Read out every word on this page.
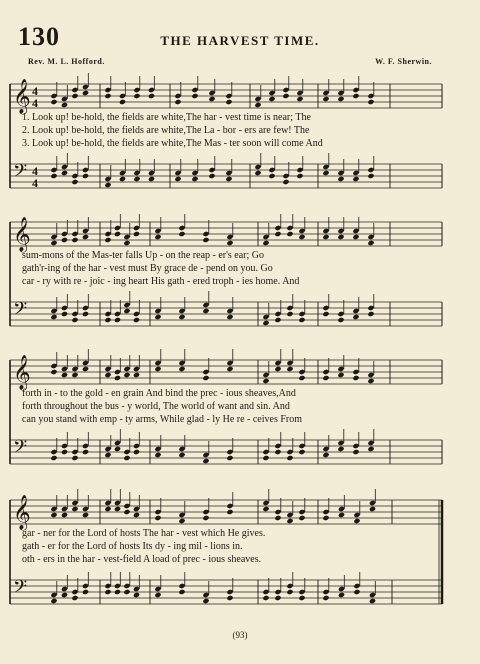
130	THE HARVEST TIME.
Rev. M. L. Hofford.	W. F. Sherwin.
𝄞
𝄢
4
4
4
4
1. Look up! be-hold, the fields are white,The har - vest time is near; The
2. Look up! be-hold, the fields are white,The La - bor - ers are few! The
3. Look up! be-hold, the fields are white,The Mas - ter soon will come And
𝄞
𝄢
sum-mons of the Mas-ter falls Up - on the reap - er's ear; Go
gath'r-ing of the har - vest must By grace de - pend on you. Go
car - ry with re - joic - ing heart His gath - ered troph - ies home. And
𝄞
𝄢
forth in - to the gold - en grain And bind the prec - ious sheaves,And
forth throughout the bus - y world, The world of want and sin. And
can you stand with emp - ty arms, While glad - ly He re - ceives From
𝄞
𝄢
gar - ner for the Lord of hosts The har - vest which He gives.
gath - er for the Lord of hosts Its dy - ing mil - lions in.
oth - ers in the har - vest-field A load of prec - ious sheaves.
(93)
